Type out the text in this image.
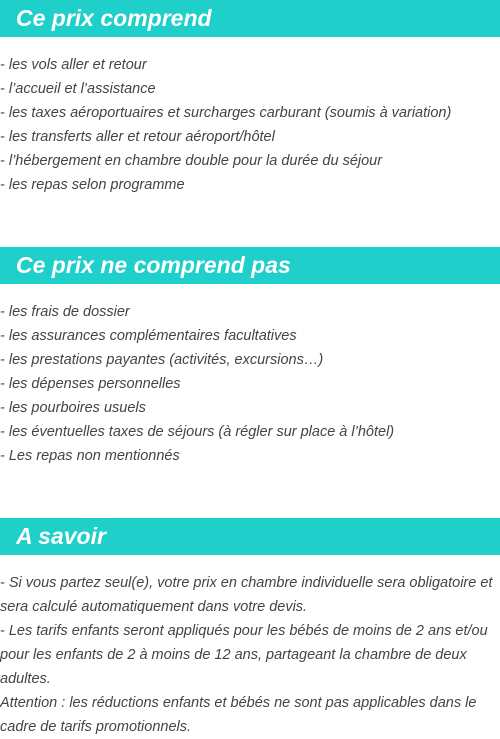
Ce prix comprend
- les vols aller et retour
- l’accueil et l’assistance
- les taxes aéroportuaires et surcharges carburant (soumis à variation)
- les transferts aller et retour aéroport/hôtel
- l’hébergement en chambre double pour la durée du séjour
- les repas selon programme
Ce prix ne comprend pas
- les frais de dossier
- les assurances complémentaires facultatives
- les prestations payantes (activités, excursions…)
- les dépenses personnelles
- les pourboires usuels
- les éventuelles taxes de séjours (à régler sur place à l’hôtel)
- Les repas non mentionnés
A savoir

- Si vous partez seul(e), votre prix en chambre individuelle sera obligatoire et sera calculé automatiquement dans votre devis.

- Les tarifs enfants seront appliqués pour les bébés de moins de 2 ans et/ou pour les enfants de 2 à moins de 12 ans, partageant la chambre de deux adultes.

Attention : les réductions enfants et bébés ne sont pas applicables dans le cadre de tarifs promotionnels.
